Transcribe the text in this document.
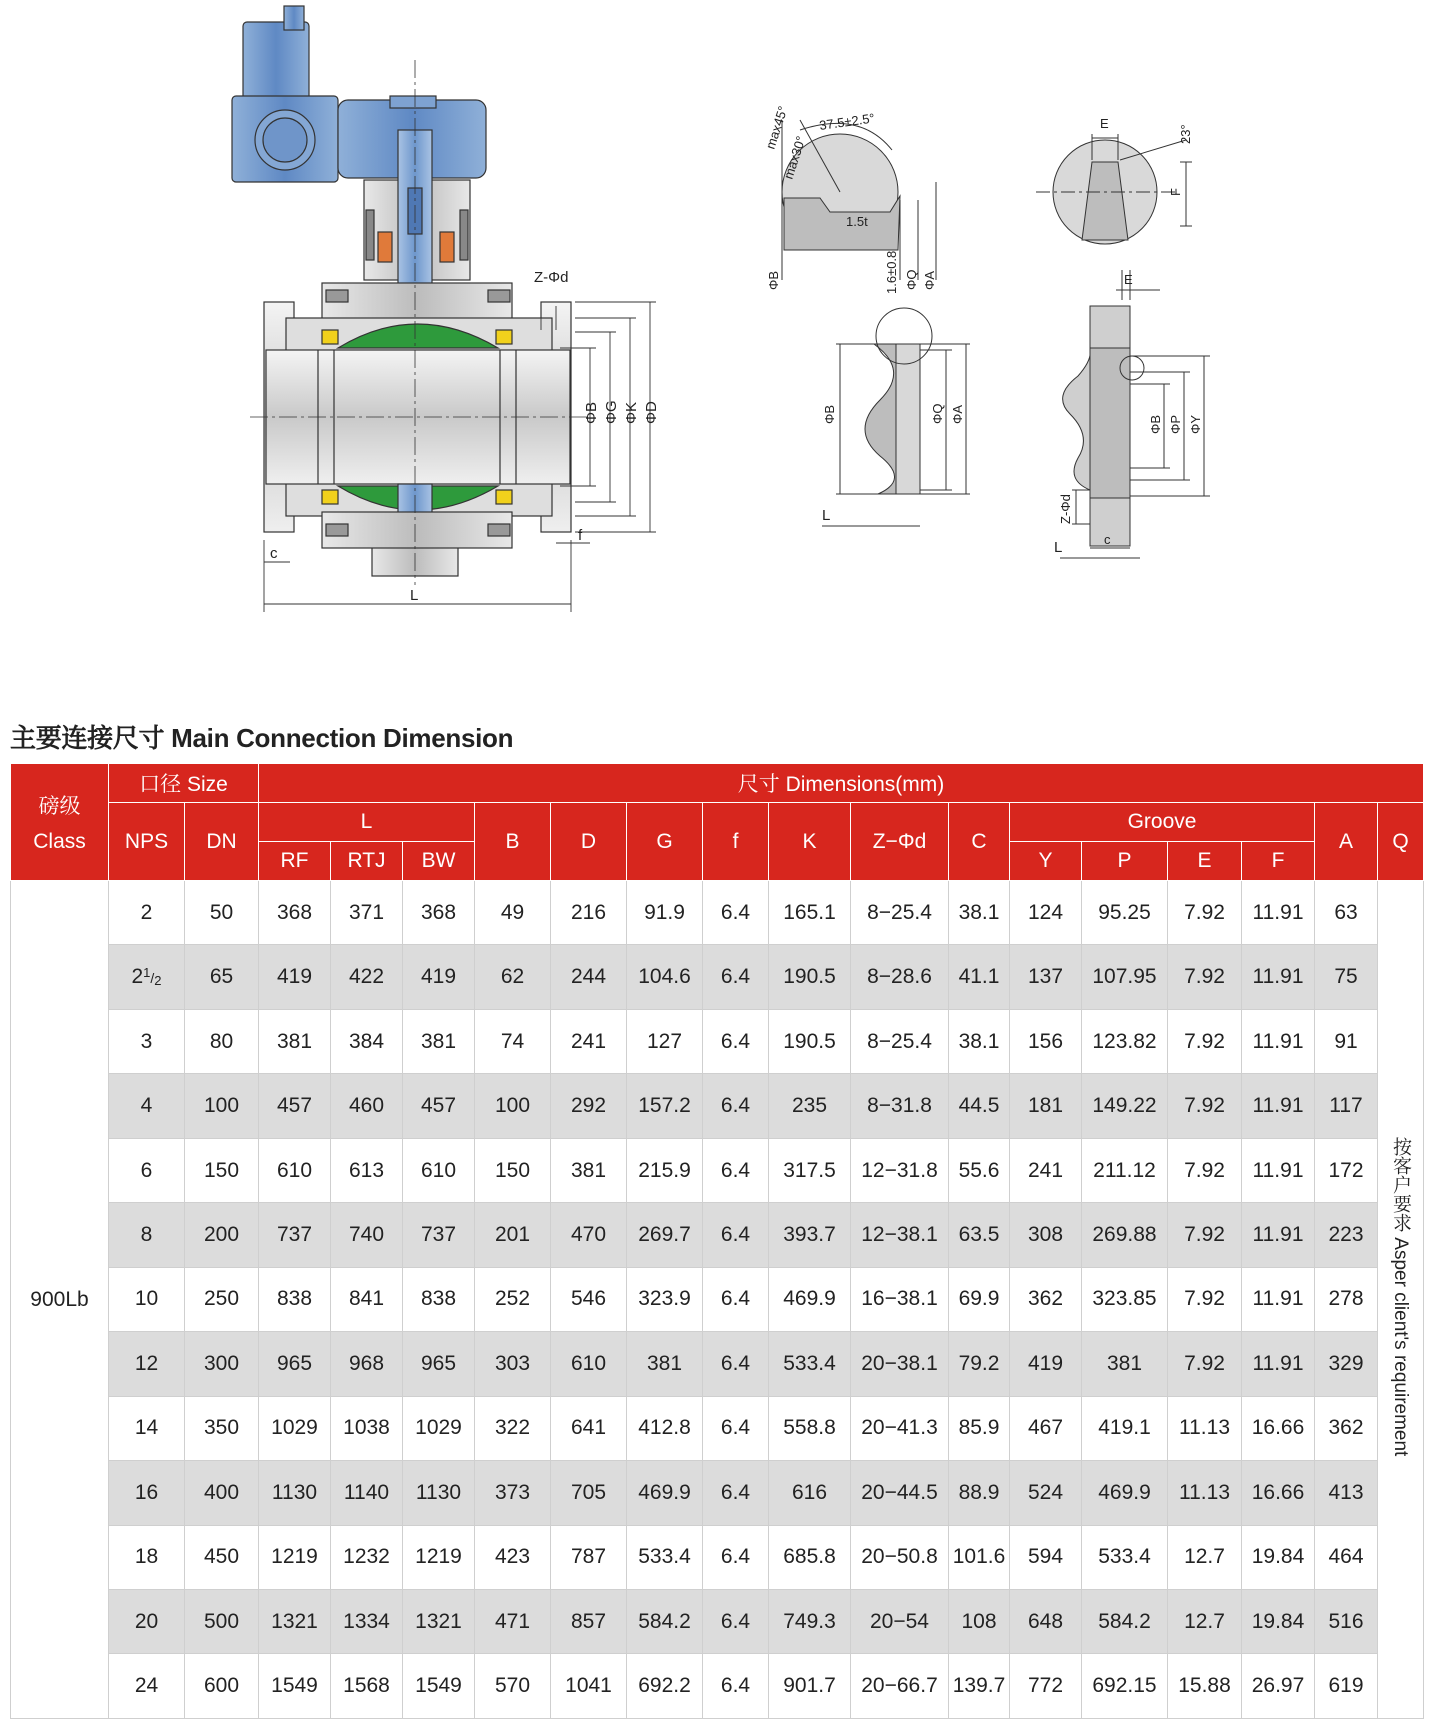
Z-Φd
ΦB ΦG ΦK ΦD
c
f
L
max45°
max30°
37.5±2.5°
1.5t
1.6±0.8
ΦB	ΦQ ΦA
E
F
23°
ΦB	ΦQ ΦA
L
E
ΦB ΦP ΦY
Z-Φd
c
L
主要连接尺寸 Main Connection Dimension
磅级
Class	口径 Size		尺寸 Dimensions(mm)															
	NPS	DN	L			B	D	G	f	K	Z−Φd	C	Groove				A	Q
			RF	RTJ	BW								Y	P	E	F		
900Lb	2	50	368	371	368	49	216	91.9	6.4	165.1	8−25.4	38.1	124	95.25	7.92	11.91	63	按客户要求 Asper client's requirement
	$2^1/_2$	65	419	422	419	62	244	104.6	6.4	190.5	8−28.6	41.1	137	107.95	7.92	11.91	75	
	3	80	381	384	381	74	241	127	6.4	190.5	8−25.4	38.1	156	123.82	7.92	11.91	91	
	4	100	457	460	457	100	292	157.2	6.4	235	8−31.8	44.5	181	149.22	7.92	11.91	117	
	6	150	610	613	610	150	381	215.9	6.4	317.5	12−31.8	55.6	241	211.12	7.92	11.91	172	
	8	200	737	740	737	201	470	269.7	6.4	393.7	12−38.1	63.5	308	269.88	7.92	11.91	223	
	10	250	838	841	838	252	546	323.9	6.4	469.9	16−38.1	69.9	362	323.85	7.92	11.91	278	
	12	300	965	968	965	303	610	381	6.4	533.4	20−38.1	79.2	419	381	7.92	11.91	329	
	14	350	1029	1038	1029	322	641	412.8	6.4	558.8	20−41.3	85.9	467	419.1	11.13	16.66	362	
	16	400	1130	1140	1130	373	705	469.9	6.4	616	20−44.5	88.9	524	469.9	11.13	16.66	413	
	18	450	1219	1232	1219	423	787	533.4	6.4	685.8	20−50.8	101.6	594	533.4	12.7	19.84	464	
	20	500	1321	1334	1321	471	857	584.2	6.4	749.3	20−54	108	648	584.2	12.7	19.84	516	
	24	600	1549	1568	1549	570	1041	692.2	6.4	901.7	20−66.7	139.7	772	692.15	15.88	26.97	619	
